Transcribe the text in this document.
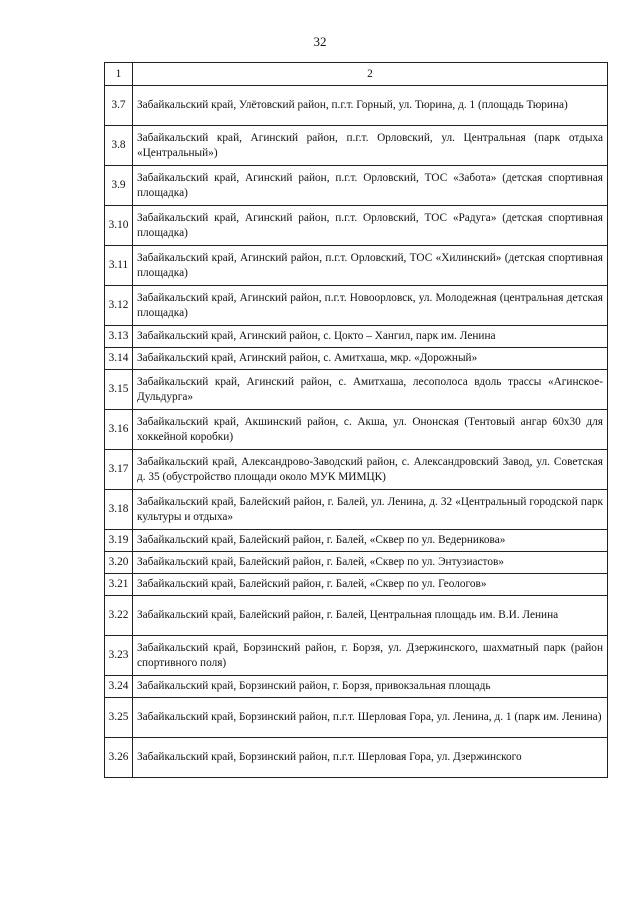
32
1	2
3.7	Забайкальский край, Улётовский район, п.г.т. Горный, ул. Тюрина, д. 1 (площадь Тюрина)
3.8	Забайкальский край, Агинский район, п.г.т. Орловский, ул. Центральная (парк отдыха «Центральный»)
3.9	Забайкальский край, Агинский район, п.г.т. Орловский, ТОС «Забота» (детская спортивная площадка)
3.10	Забайкальский край, Агинский район, п.г.т. Орловский, ТОС «Радуга» (детская спортивная площадка)
3.11	Забайкальский край, Агинский район, п.г.т. Орловский, ТОС «Хилинский» (детская спортивная площадка)
3.12	Забайкальский край, Агинский район, п.г.т. Новоорловск, ул. Молодежная (центральная детская площадка)
3.13	Забайкальский край, Агинский район, с. Цокто – Хангил, парк им. Ленина
3.14	Забайкальский край, Агинский район, с. Амитхаша, мкр. «Дорожный»
3.15	Забайкальский край, Агинский район, с. Амитхаша, лесополоса вдоль трассы «Агинское-Дульдурга»
3.16	Забайкальский край, Акшинский район, с. Акша, ул. Ононская (Тентовый ангар 60х30 для хоккейной коробки)
3.17	Забайкальский край, Александрово-Заводский район, с. Александровский Завод, ул. Советская д. 35 (обустройство площади около МУК МИМЦК)
3.18	Забайкальский край, Балейский район, г. Балей, ул. Ленина, д. 32 «Центральный городской парк культуры и отдыха»
3.19	Забайкальский край, Балейский район, г. Балей, «Сквер по ул. Ведерникова»
3.20	Забайкальский край, Балейский район, г. Балей, «Сквер по ул. Энтузиастов»
3.21	Забайкальский край, Балейский район, г. Балей, «Сквер по ул. Геологов»
3.22	Забайкальский край, Балейский район, г. Балей, Центральная площадь им. В.И. Ленина
3.23	Забайкальский край, Борзинский район, г. Борзя, ул. Дзержинского, шахматный парк (район спортивного поля)
3.24	Забайкальский край, Борзинский район, г. Борзя, привокзальная площадь
3.25	Забайкальский край, Борзинский район, п.г.т. Шерловая Гора, ул. Ленина, д. 1 (парк им. Ленина)
3.26	Забайкальский край, Борзинский район, п.г.т. Шерловая Гора, ул. Дзержинского
